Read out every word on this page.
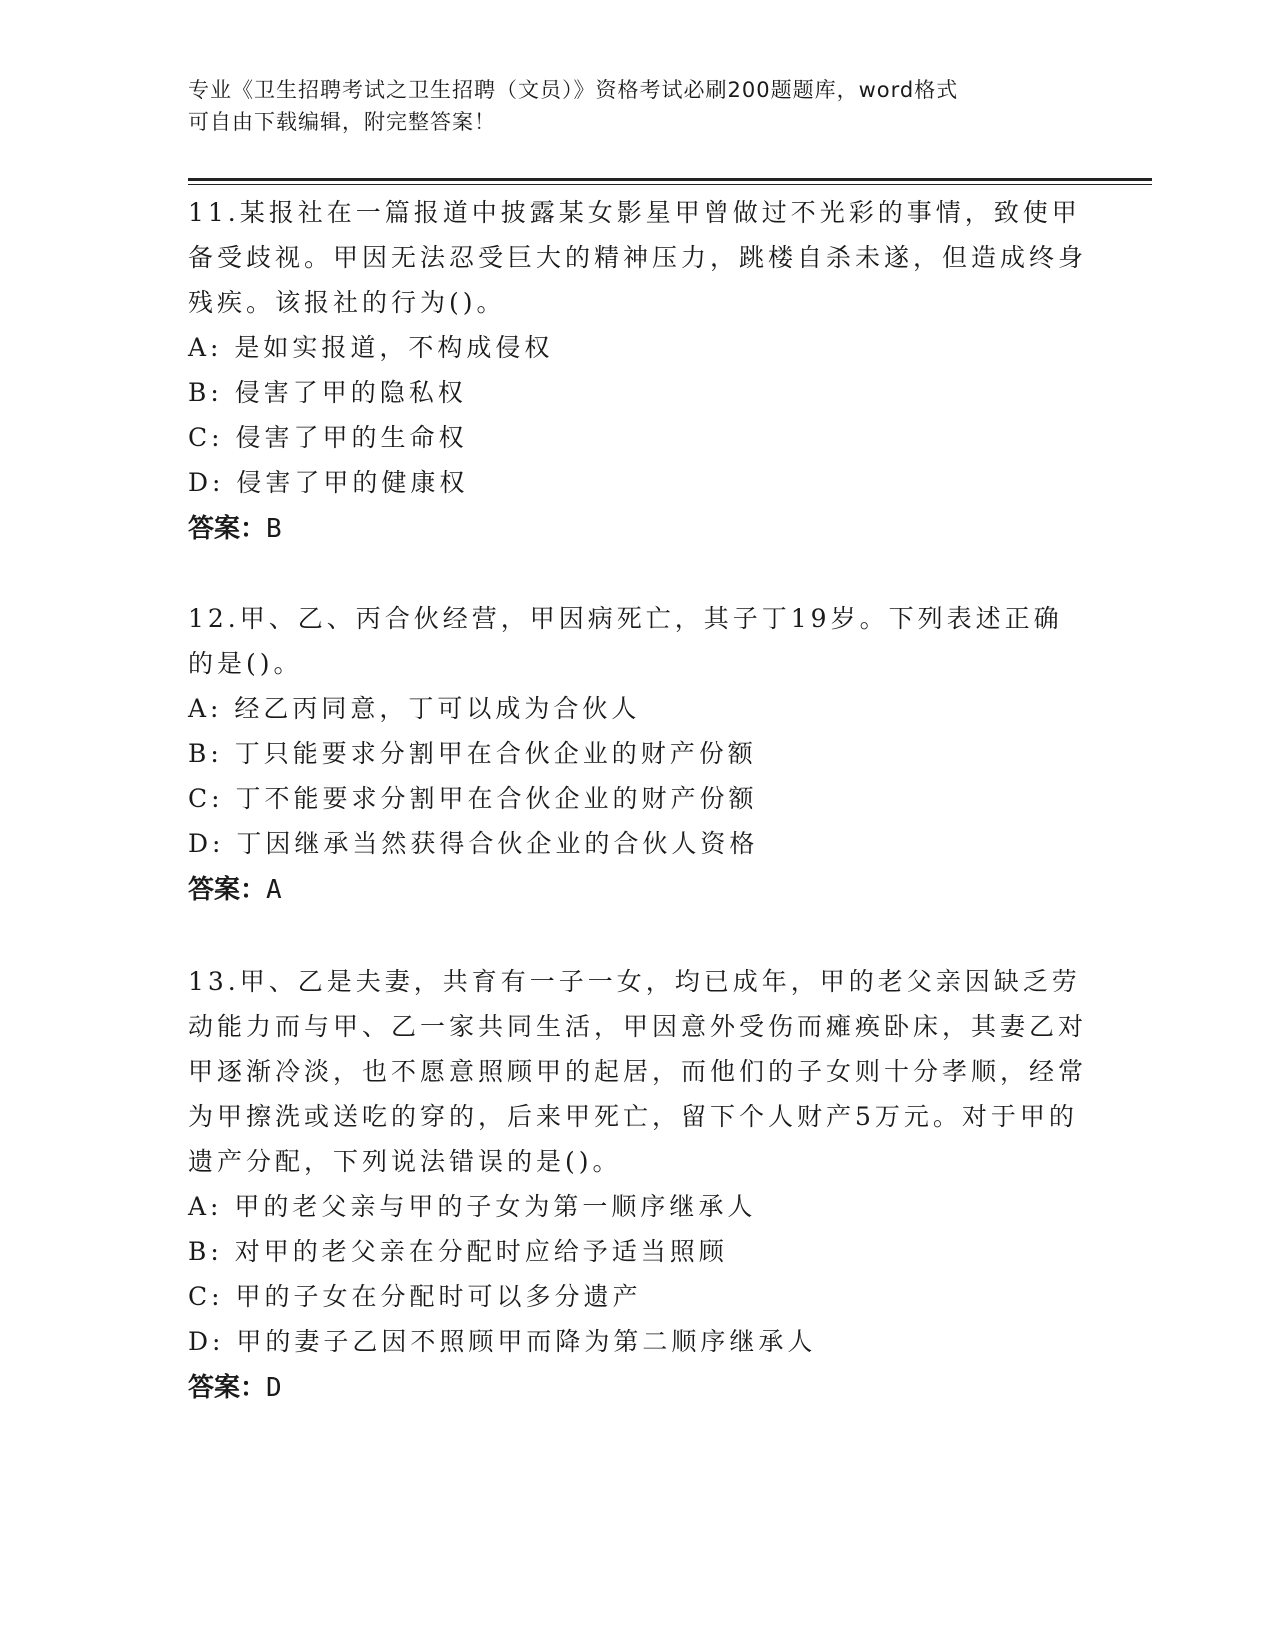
专业《卫生招聘考试之卫生招聘（文员）》资格考试必刷200题题库，word格式
可自由下载编辑，附完整答案！

11.某报社在一篇报道中披露某女影星甲曾做过不光彩的事情，致使甲备受歧视。甲因无法忍受巨大的精神压力，跳楼自杀未遂，但造成终身残疾。该报社的行为()。

A: 是如实报道，不构成侵权
B: 侵害了甲的隐私权
C: 侵害了甲的生命权
D: 侵害了甲的健康权
答案：B

12.甲、乙、丙合伙经营，甲因病死亡，其子丁19岁。下列表述正确的是()。

A: 经乙丙同意，丁可以成为合伙人
B: 丁只能要求分割甲在合伙企业的财产份额
C: 丁不能要求分割甲在合伙企业的财产份额
D: 丁因继承当然获得合伙企业的合伙人资格
答案：A

13.甲、乙是夫妻，共育有一子一女，均已成年，甲的老父亲因缺乏劳动能力而与甲、乙一家共同生活，甲因意外受伤而瘫痪卧床，其妻乙对甲逐渐冷淡，也不愿意照顾甲的起居，而他们的子女则十分孝顺，经常为甲擦洗或送吃的穿的，后来甲死亡，留下个人财产5万元。对于甲的遗产分配，下列说法错误的是()。

A: 甲的老父亲与甲的子女为第一顺序继承人
B: 对甲的老父亲在分配时应给予适当照顾
C: 甲的子女在分配时可以多分遗产
D: 甲的妻子乙因不照顾甲而降为第二顺序继承人
答案：D
